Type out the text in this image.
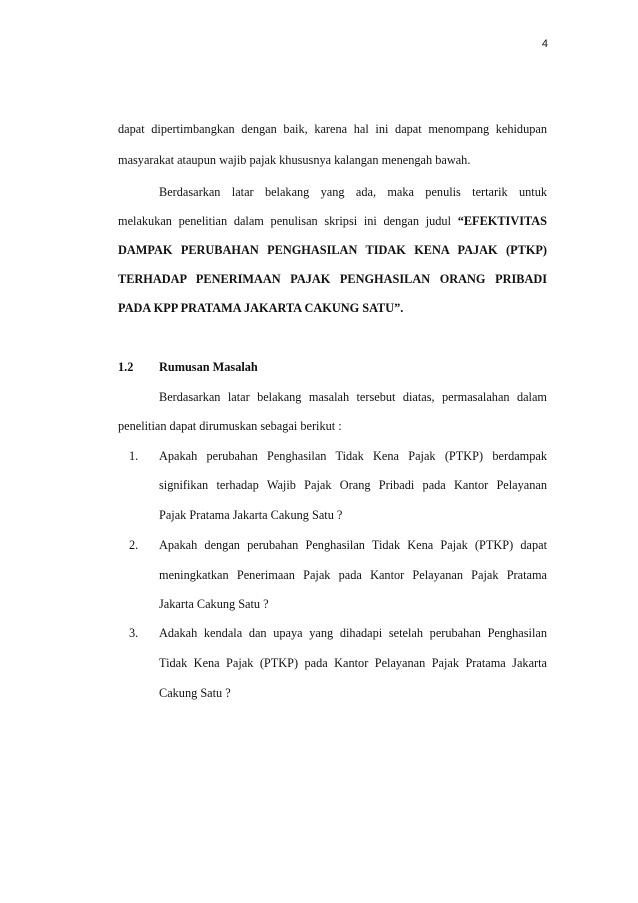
4
dapat dipertimbangkan dengan baik, karena hal ini dapat menompang kehidupan
masyarakat ataupun wajib pajak khususnya kalangan menengah bawah.
Berdasarkan latar belakang yang ada, maka penulis tertarik untuk
melakukan penelitian dalam penulisan skripsi ini dengan judul “EFEKTIVITAS
DAMPAK PERUBAHAN PENGHASILAN TIDAK KENA PAJAK (PTKP)
TERHADAP PENERIMAAN PAJAK PENGHASILAN ORANG PRIBADI
PADA KPP PRATAMA JAKARTA CAKUNG SATU”.
1.2 Rumusan Masalah
Berdasarkan latar belakang masalah tersebut diatas, permasalahan dalam
penelitian dapat dirumuskan sebagai berikut :
1. Apakah perubahan Penghasilan Tidak Kena Pajak (PTKP) berdampak
signifikan terhadap Wajib Pajak Orang Pribadi pada Kantor Pelayanan
Pajak Pratama Jakarta Cakung Satu ?
2. Apakah dengan perubahan Penghasilan Tidak Kena Pajak (PTKP) dapat
meningkatkan Penerimaan Pajak pada Kantor Pelayanan Pajak Pratama
Jakarta Cakung Satu ?
3. Adakah kendala dan upaya yang dihadapi setelah perubahan Penghasilan
Tidak Kena Pajak (PTKP) pada Kantor Pelayanan Pajak Pratama Jakarta
Cakung Satu ?
